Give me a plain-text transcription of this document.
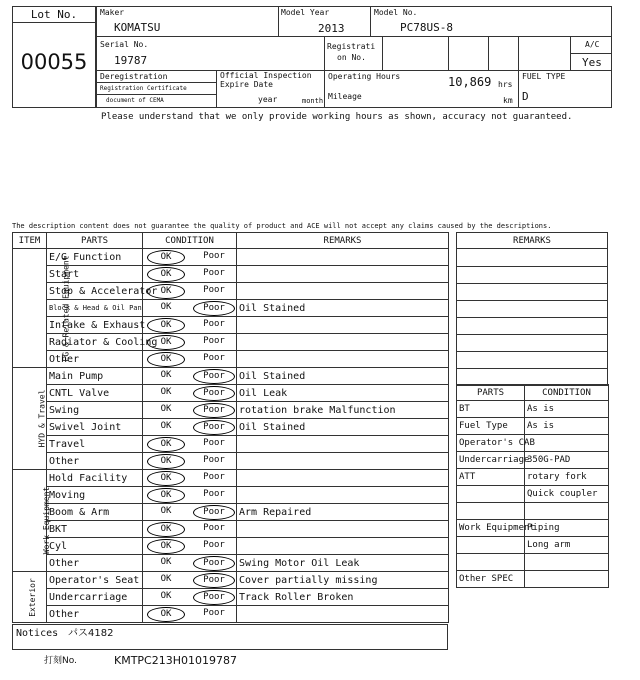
Lot No.
00055
Maker
KOMATSU
Model Year
2013
Model No.
PC78US-8
Serial No.
19787
Registrati
on No.
A/C
Yes
Deregistration
Registration Certificate
document of CEMA
Official Inspection
Expire Date
year	month
Operating Hours	10,869 hrs
Mileage	km
FUEL TYPE
D
Please understand that we only provide working hours as shown, accuracy not guaranteed.
The description content does not guarantee the quality of product and ACE will not accept any claims caused by the descriptions.
ITEM	PARTS	CONDITION	REMARKS
EG & Related Equipment	E/G Function	OK Poor	

	Start	OK Poor	

	Stop & Accelerator	OK Poor	

	Block & Head & Oil Pan	OK Poor	Oil Stained
	Intake & Exhaust	OK Poor	

	Radiator & Cooling	OK Poor	

	Other	OK Poor	

HYD & Travel	Main Pump	OK Poor	Oil Stained
	CNTL Valve	OK Poor	Oil Leak
	Swing	OK Poor	rotation brake Malfunction
	Swivel Joint	OK Poor	Oil Stained
	Travel	OK Poor	

	Other	OK Poor	

Work Equipment	Hold Facility	OK Poor	

	Moving	OK Poor	

	Boom & Arm	OK Poor	Arm Repaired
	BKT	OK Poor	

	Cyl	OK Poor	

	Other	OK Poor	Swing Motor Oil Leak
Exterior	Operator's Seat	OK Poor	Cover partially missing
	Undercarriage	OK Poor	Track Roller Broken
	Other	OK Poor	

REMARKS

PARTS	CONDITION
BT	As is
Fuel Type	As is
Operator's CAB	
Undercarriage	350G-PAD
ATT	rotary fork
	Quick coupler

Work Equipment	Piping
	Long arm

Other SPEC	
Notices パス4182
打刻No.	KMTPC213H01019787
